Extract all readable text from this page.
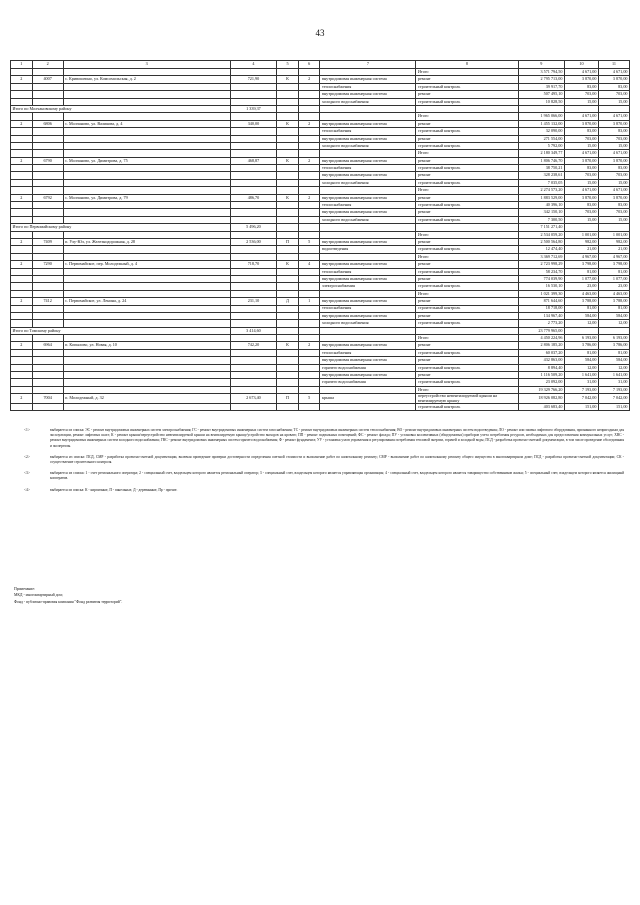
43
1	2	3	4	5	6	7	8	9	10	11
							Итого	3 571 794,50	4 671,00	4 671,00
2	4007	с. Кривошеино, ул. Комсомольская, д. 2	721,90	К	2	внутридомовая инженерная система	ремонт	2 795 713,00	3 870,00	3 870,00
						теплоснабжения	строительный контроль	39 917,70	83,00	83,00
						внутридомовая инженерная система	ремонт	507 495,10	703,00	703,00
						холодного водоснабжения	строительный контроль	10 828,50	15,00	15,00
Итого по Молчановскому району			1 339,37							
							Итого	1 965 066,00	4 671,00	4 671,00
2	6806	с. Молчаново, ул. Валикова, д. 4	340,00	К	2	внутридомовая инженерная система	ремонт	1 455 132,00	3 870,00	3 870,00
						теплоснабжения	строительный контроль	32 090,00	83,00	83,00
						внутридомовая инженерная система	ремонт	271 554,00	703,00	703,00
						холодного водоснабжения	строительный контроль	5 792,00	15,00	15,00
							Итого	2 180 349,77	4 671,00	4 671,00
2	6790	с. Молчаново, ул. Димитрова, д. 75	468,87	К	2	внутридомовая инженерная система	ремонт	1 806 746,70	3 870,00	3 870,00
						теплоснабжения	строительный контроль	38 750,21	83,00	83,00
						внутридомовая инженерная система	ремонт	328 238,61	703,00	703,00
						холодного водоснабжения	строительный контроль	7 035,05	15,00	15,00
							Итого	2 274 573,20	4 671,00	4 671,00
2	6792	с. Молчаново, ул. Димитрова, д. 79	486,70	К	2	внутридомовая инженерная система	ремонт	1 883 529,00	3 870,00	3 870,00
						теплоснабжения	строительный контроль	40 396,10	83,00	83,00
						внутридомовая инженерная система	ремонт	342 150,10	703,00	703,00
						холодного водоснабжения	строительный контроль	7 300,50	15,00	15,00
Итого по Первомайскому району			5 496,20					7 151 271,40		
							Итого	2 534 059,20	1 001,00	1 001,00
2	7409	п. Улу-Юл, ул. Железнодорожная, д. 28	2 536,00	П	5	внутридомовая инженерная система	ремонт	2 500 564,80	982,00	982,00
						водоотведения	строительный контроль	12 474,40	21,00	21,00
							Итого	3 369 712,69	4 967,00	4 967,00
2	7290	с. Первомайское, пер. Молодежный, д. 4	718,70	К	4	внутридомовая инженерная система	ремонт	2 723 998,29	3 798,00	3 798,00
						теплоснабжения	строительный контроль	58 234,70	81,00	81,00
						внутридомовая инженерная система	ремонт	774 039,90	1 077,00	1 077,00
						электроснабжения	строительный контроль	16 530,10	23,00	23,00
							Итого	1 021 399,30	4 463,00	4 463,00
2	7412	с. Первомайское, ул. Ленина, д. 24	231,10	Д	1	внутридомовая инженерная система	ремонт	871 644,60	3 788,00	3 788,00
						теплоснабжения	строительный контроль	18 718,00	81,00	81,00
						внутридомовая инженерная система	ремонт	134 967,40	584,00	584,00
						холодного водоснабжения	строительный контроль	2 773,20	12,00	12,00
Итого по Томскому району			3 414,60					23 779 965,00		
							Итого	4 450 224,96	6 193,00	6 193,00
2	6964	п. Копылово, ул. Новая, д. 10	742,20	К	2	внутридомовая инженерная система	ремонт	2 806 185,20	3 786,00	3 786,00
						теплоснабжения	строительный контроль	60 037,20	81,00	81,00
						внутридомовая инженерная система	ремонт	432 863,00	584,00	584,00
						горячего водоснабжения	строительный контроль	8 894,40	12,00	12,00
						внутридомовая инженерная система	ремонт	1 116 509,20	1 641,00	1 641,00
						горячего водоснабжения	строительный контроль	23 092,00	31,00	31,00
							Итого	19 329 766,20	7 193,00	7 193,00
2	7004	п. Молодежный, д. 32	2 673,40	П	5	крыша	переустройство невентилируемой крыши на вентилируемую крышу	18 926 082,80	7 042,00	7 042,00
							строительный контроль	403 683,40	151,00	151,00
<1>	выбирается из списка: ЭС - ремонт внутридомовых инженерных систем электроснабжения; ГС - ремонт внутридомовых инженерных систем газоснабжения; ТС - ремонт внутридомовых инженерных систем теплоснабжения; ВО - ремонт внутридомовых инженерных систем водоотведения; ЛО - ремонт или замена лифтового оборудования, признанного непригодным для эксплуатации, ремонт лифтовых шахт; К - ремонт крыши/переустройство невентилируемой крыши на вентилируемую крышу/устройство выходов на кровлю; ПП - ремонт подвальных помещений; ФС - ремонт фасада; ПУ - установка коллективных (общедомовых) приборов учета потребления ресурсов, необходимых для предоставления коммунальных услуг; ХВС - ремонт внутридомовых инженерных систем холодного водоснабжения; ГВС - ремонт внутридомовых инженерных систем горячего водоснабжения; Ф - ремонт фундамента; УУ - установка узлов управления и регулирования потребления тепловой энергии, горячей и холодной воды; ПСД - разработка проектно-сметной документации, в том числе проведение обследования и экспертизы.
<2>	выбирается из списка: ПСД, СМР - разработка проектно-сметной документации, включая проведение проверки достоверности определения сметной стоимости и выполнение работ по капитальному ремонту; СМР - выполнение работ по капитальному ремонту общего имущества в многоквартирном доме; ПСД - разработка проектно-сметной документации; СК - осуществление строительного контроля.
<3>	выбирается из списка: 1 - счет регионального оператора; 2 - специальный счет, владельцем которого является региональный оператор; 3 - специальный счет, владельцем которого является управляющая организация; 4 - специальный счет, владельцем которого является товарищество собственников жилья; 5 - специальный счет, владельцем которого является жилищный кооператив.
<4>	выбирается из списка: К - кирпичные, П - панельные, Д - деревянные, Пр - прочие.
Примечание:
МКД - многоквартирный дом;
Фонд - публично-правовая компания "Фонд развития территорий".
